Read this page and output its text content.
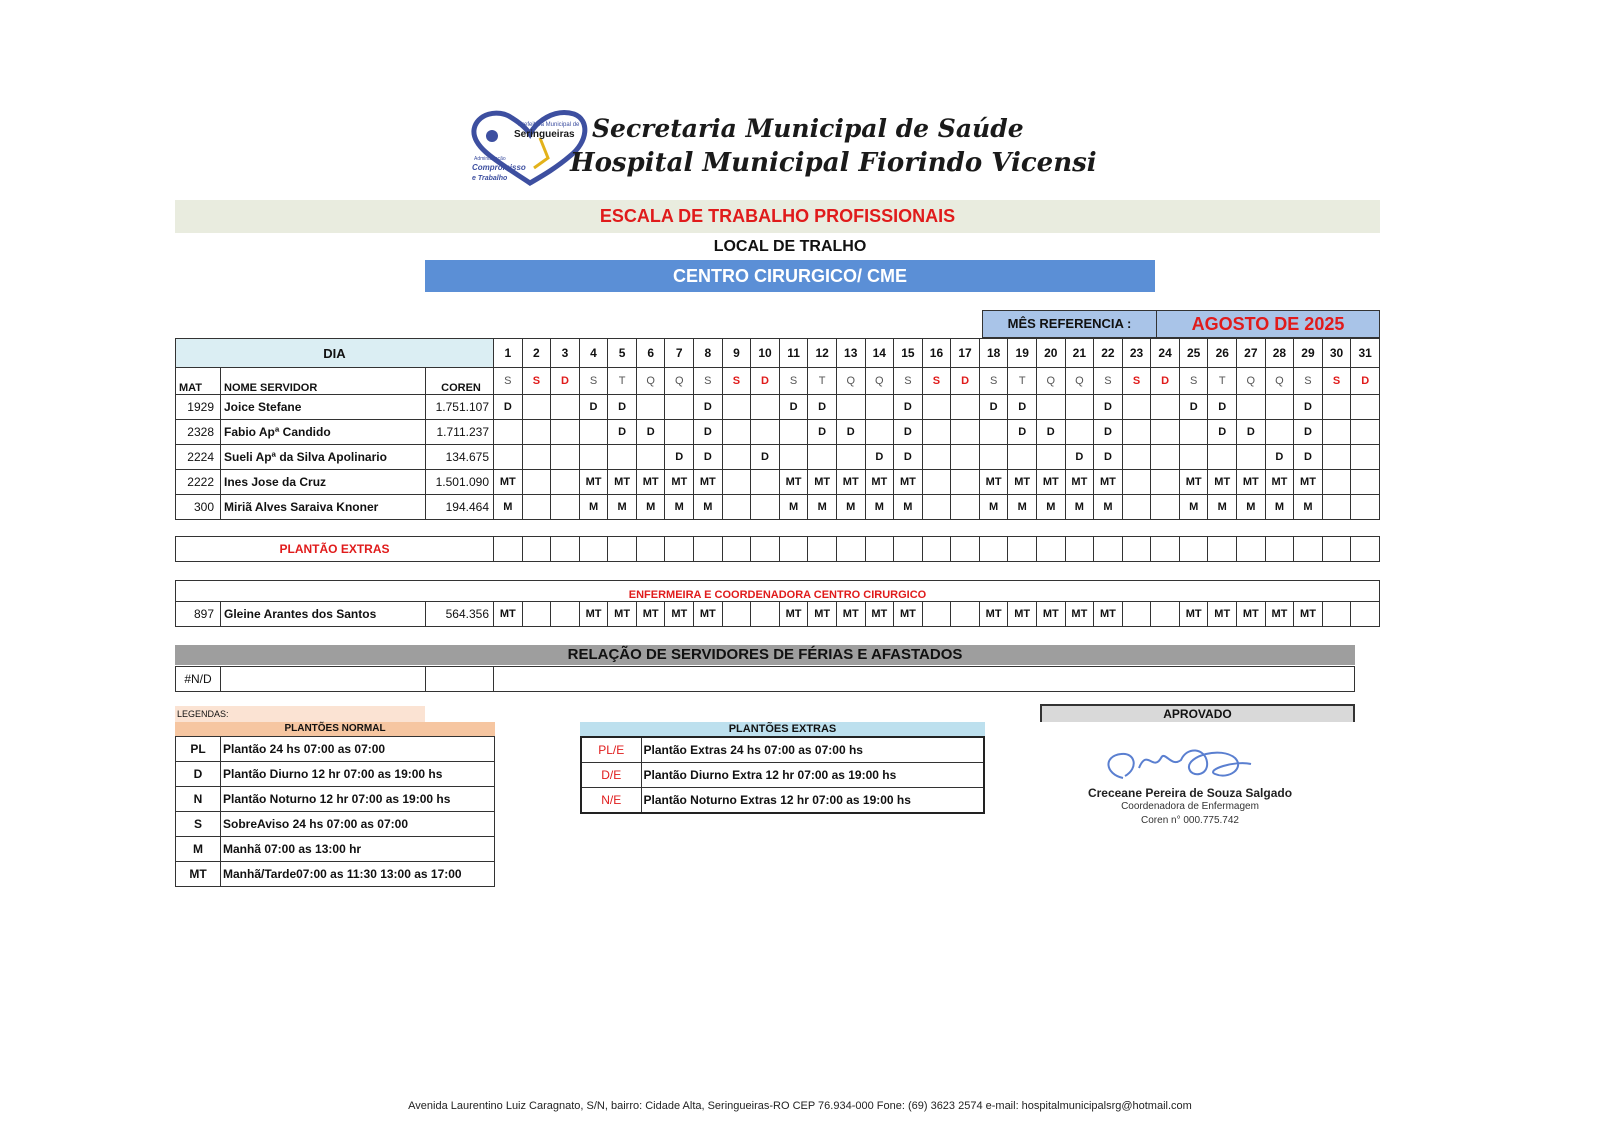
Prefeitura Municipal de
Seringueiras
Administração
Compromisso
e Trabalho
Secretaria Municipal de Saúde
Hospital Municipal Fiorindo Vicensi
ESCALA DE TRABALHO PROFISSIONAIS
LOCAL DE TRALHO
CENTRO CIRURGICO/ CME
MÊS REFERENCIA :	AGOSTO DE 2025
DIA			1	2	3	4	5	6	7	8	9	10	11	12	13	14	15	16	17	18	19	20	21	22	23	24	25	26	27	28	29	30	31
MAT	NOME SERVIDOR	COREN	S	S	D	S	T	Q	Q	S	S	D	S	T	Q	Q	S	S	D	S	T	Q	Q	S	S	D	S	T	Q	Q	S	S	D
1929	Joice Stefane	1.751.107	D			D	D			D			D	D			D			D	D			D			D	D			D		
2328	Fabio Apª Candido	1.711.237					D	D		D				D	D		D				D	D		D				D	D		D		
2224	Sueli Apª da Silva Apolinario	134.675							D	D		D				D	D						D	D						D	D		
2222	Ines Jose da Cruz	1.501.090	MT			MT	MT	MT	MT	MT			MT	MT	MT	MT	MT			MT	MT	MT	MT	MT			MT	MT	MT	MT	MT		
300	Miriã Alves Saraiva Knoner	194.464	M			M	M	M	M	M			M	M	M	M	M			M	M	M	M	M			M	M	M	M	M		
PLANTÃO EXTRAS																															
ENFERMEIRA E COORDENADORA CENTRO CIRURGICO
897	Gleine Arantes dos Santos	564.356	MT			MT	MT	MT	MT	MT			MT	MT	MT	MT	MT			MT	MT	MT	MT	MT			MT	MT	MT	MT	MT		
RELAÇÃO DE SERVIDORES DE FÉRIAS E AFASTADOS
#N/D			
LEGENDAS:
PLANTÕES NORMAL
PL	Plantão 24 hs 07:00 as 07:00
D	Plantão Diurno 12 hr 07:00 as 19:00 hs
N	Plantão Noturno 12 hr 07:00 as 19:00 hs
S	SobreAviso 24 hs 07:00 as 07:00
M	Manhã 07:00 as 13:00 hr
MT	Manhã/Tarde07:00 as 11:30 13:00 as 17:00
PLANTÕES EXTRAS
PL/E	Plantão Extras 24 hs 07:00 as 07:00 hs
D/E	Plantão Diurno Extra 12 hr 07:00 as 19:00 hs
N/E	Plantão Noturno Extras 12 hr 07:00 as 19:00 hs
APROVADO
Creceane Pereira de Souza Salgado
Coordenadora de Enfermagem
Coren n° 000.775.742
Avenida Laurentino Luiz Caragnato, S/N, bairro: Cidade Alta, Seringueiras-RO CEP 76.934-000 Fone: (69) 3623 2574 e-mail: hospitalmunicipalsrg@hotmail.com
